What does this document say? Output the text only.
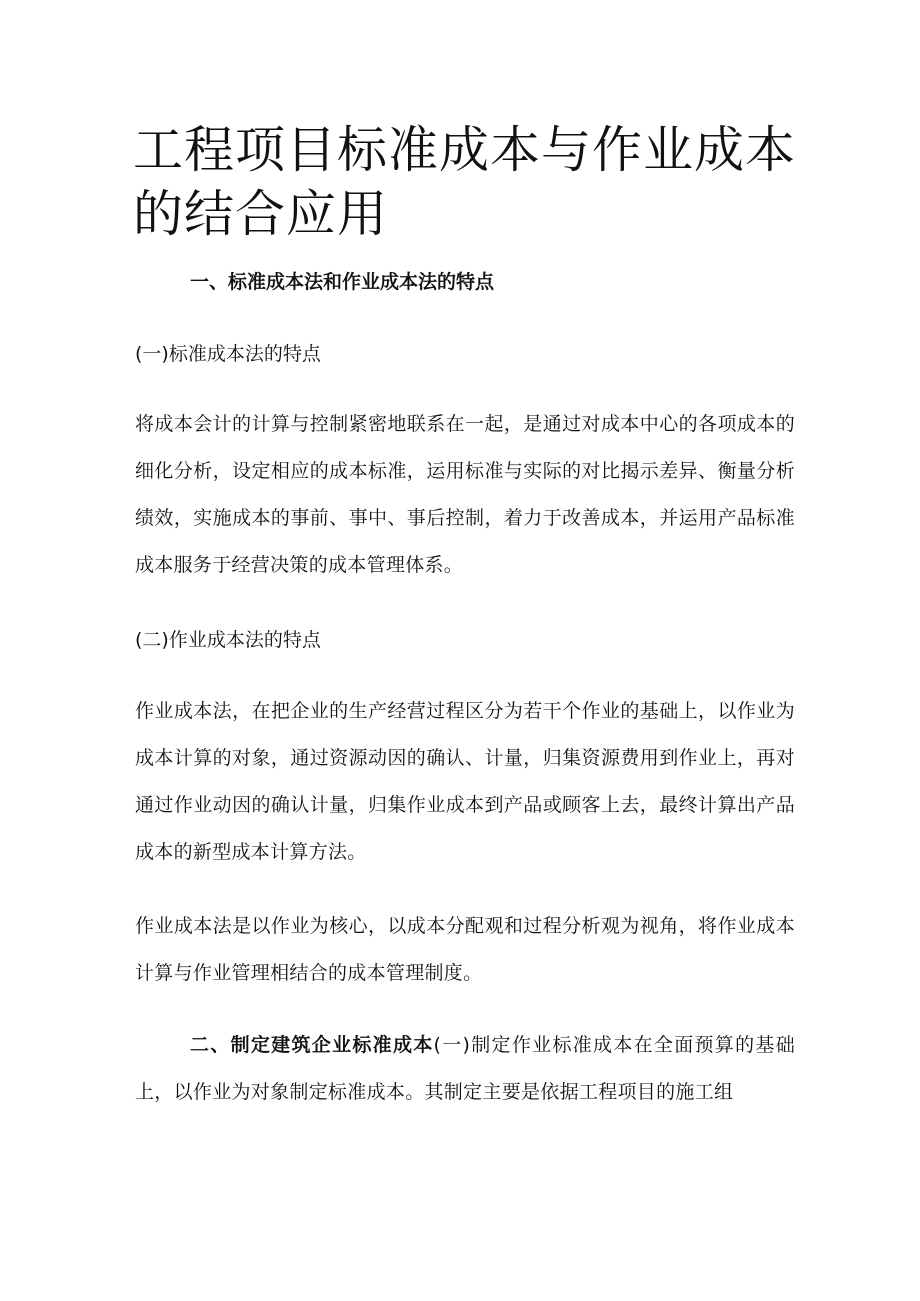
工程项目标准成本与作业成本的结合应用
一、标准成本法和作业成本法的特点
(一)标准成本法的特点

将成本会计的计算与控制紧密地联系在一起，是通过对成本中心的各项成本的细化分析，设定相应的成本标准，运用标准与实际的对比揭示差异、衡量分析绩效，实施成本的事前、事中、事后控制，着力于改善成本，并运用产品标准成本服务于经营决策的成本管理体系。

(二)作业成本法的特点

作业成本法，在把企业的生产经营过程区分为若干个作业的基础上，以作业为成本计算的对象，通过资源动因的确认、计量，归集资源费用到作业上，再对通过作业动因的确认计量，归集作业成本到产品或顾客上去，最终计算出产品成本的新型成本计算方法。

作业成本法是以作业为核心，以成本分配观和过程分析观为视角，将作业成本计算与作业管理相结合的成本管理制度。

二、制定建筑企业标准成本(一)制定作业标准成本在全面预算的基础上，以作业为对象制定标准成本。其制定主要是依据工程项目的施工组
